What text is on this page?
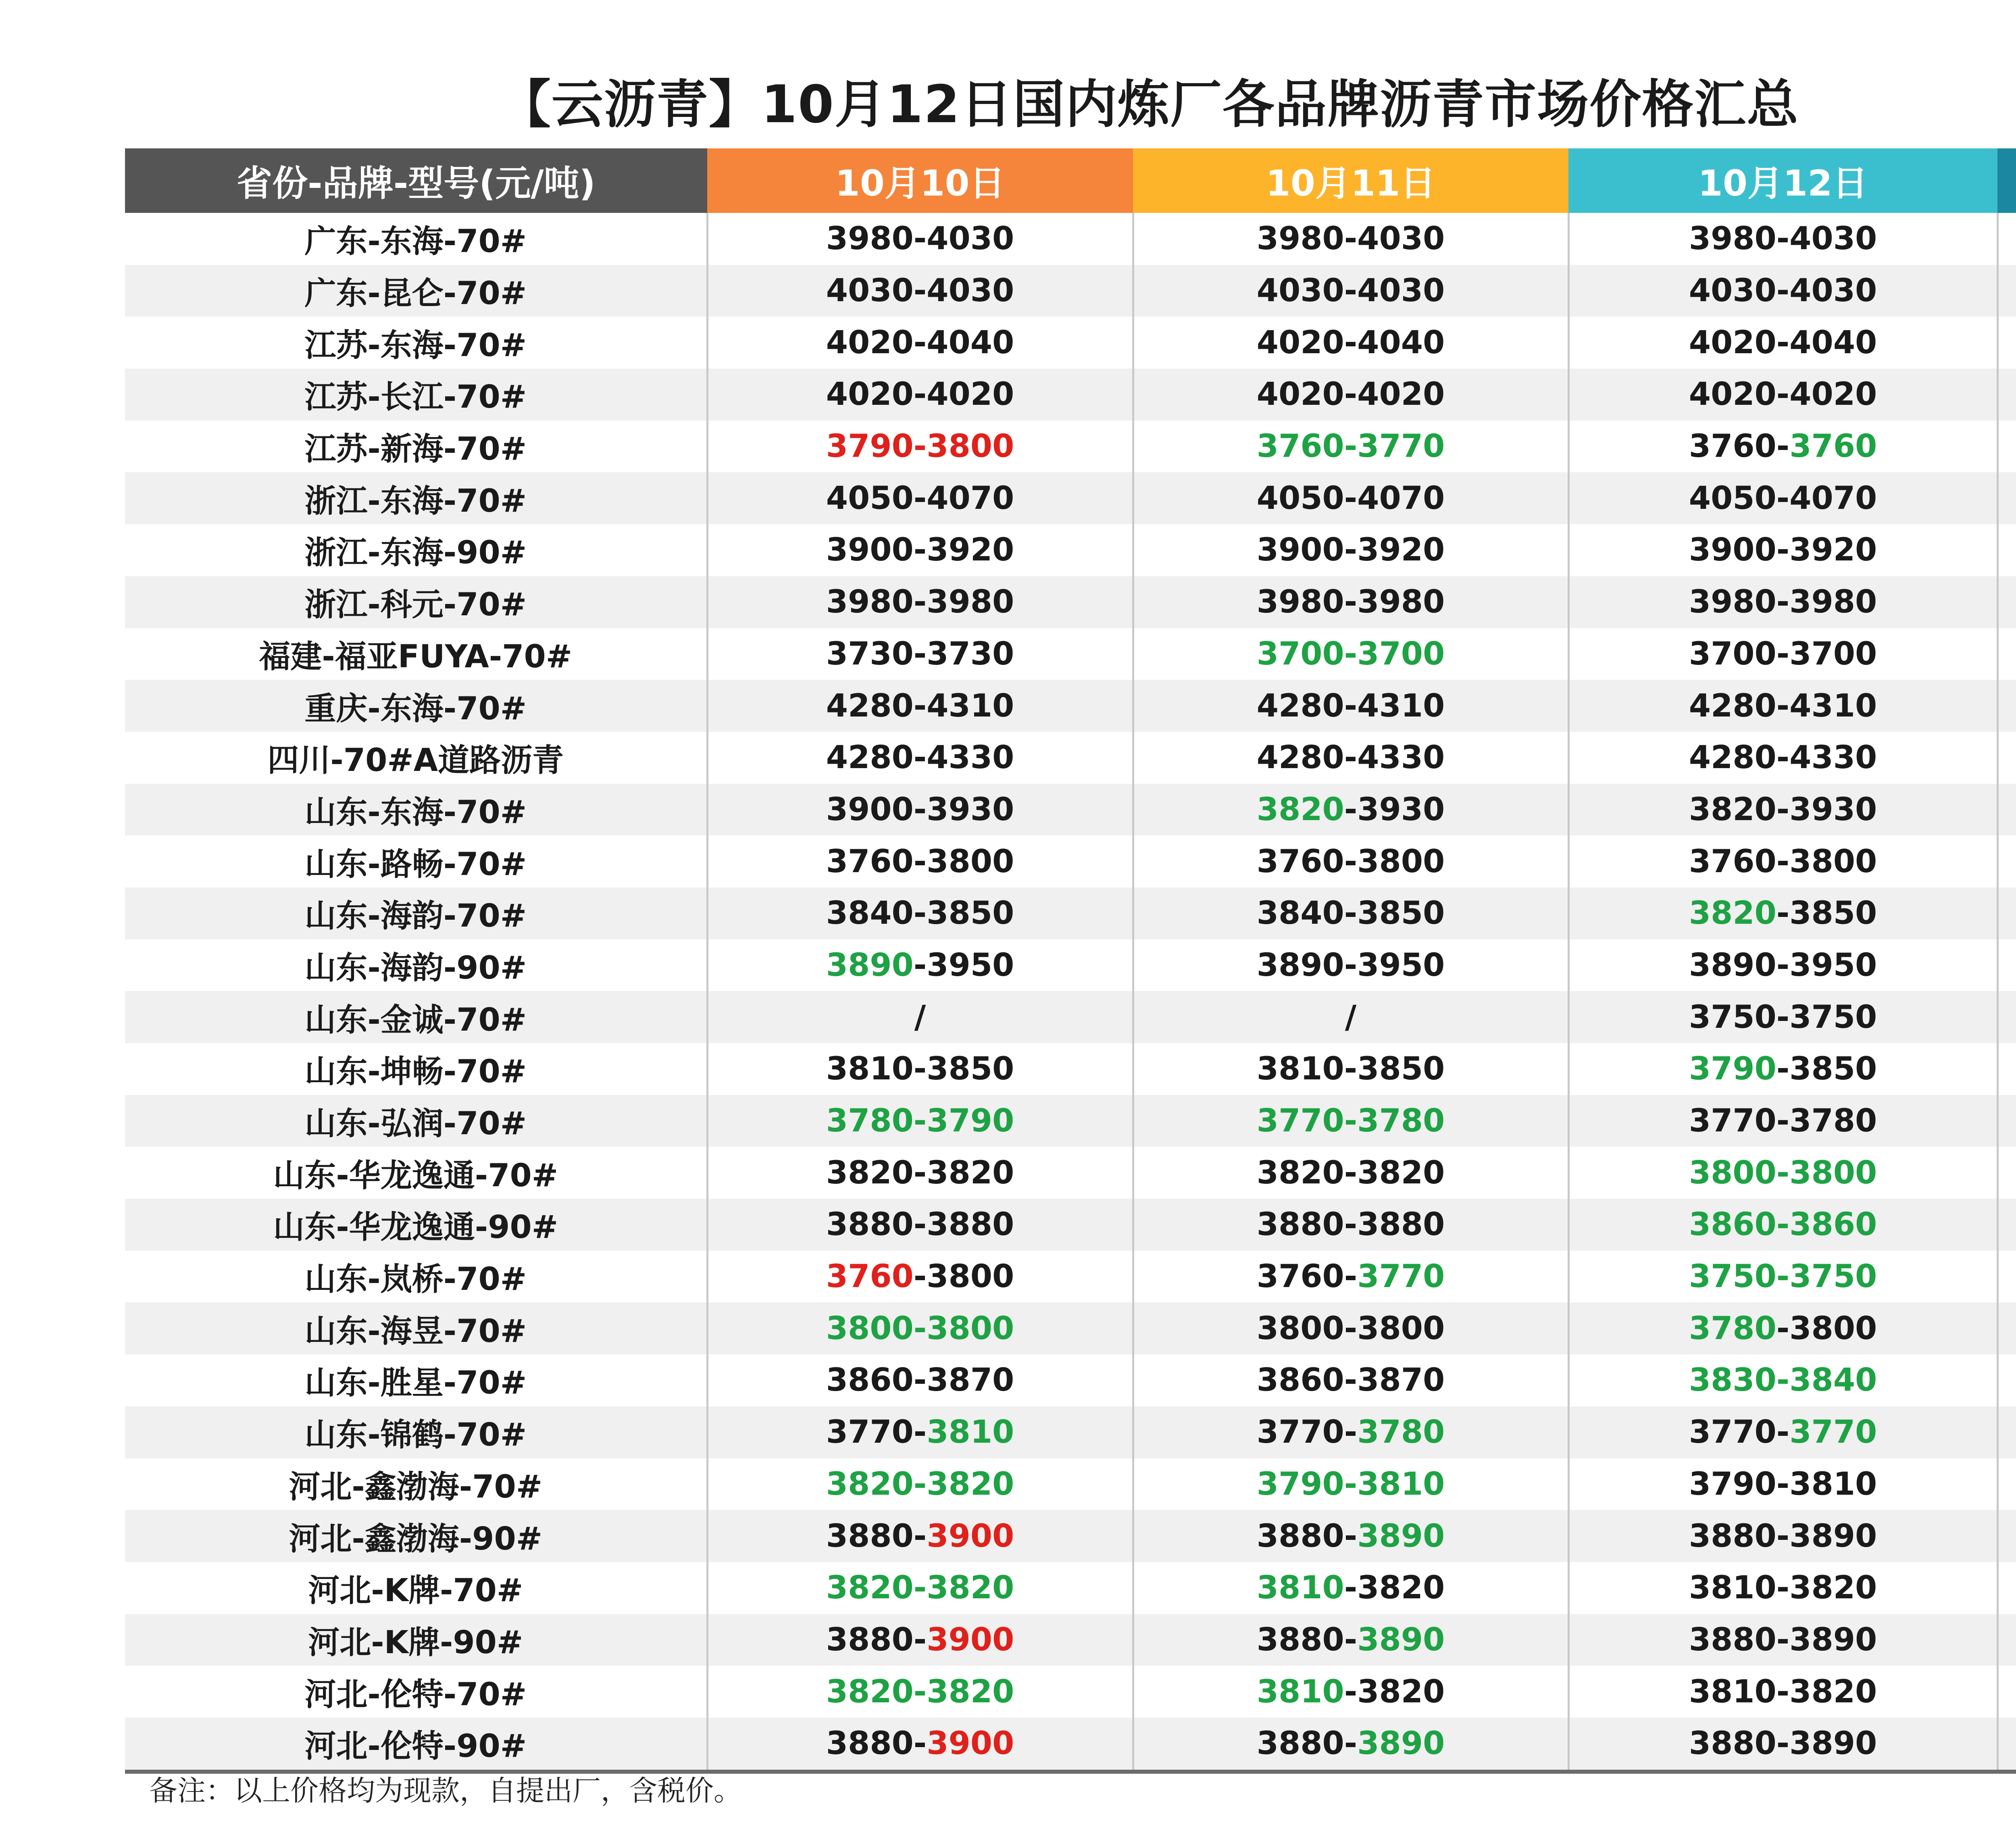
【云沥青】10月12日国内炼厂各品牌沥青市场价格汇总
省份-品牌-型号(元/吨)	10月10日	10月11日	10月12日	
广东-东海-70#	3980-4030	3980-4030	3980-4030	
广东-昆仑-70#	4030-4030	4030-4030	4030-4030	
江苏-东海-70#	4020-4040	4020-4040	4020-4040	
江苏-长江-70#	4020-4020	4020-4020	4020-4020	
江苏-新海-70#	3790-3800	3760-3770	3760-3760	
浙江-东海-70#	4050-4070	4050-4070	4050-4070	
浙江-东海-90#	3900-3920	3900-3920	3900-3920	
浙江-科元-70#	3980-3980	3980-3980	3980-3980	
福建-福亚FUYA-70#	3730-3730	3700-3700	3700-3700	
重庆-东海-70#	4280-4310	4280-4310	4280-4310	
四川-70#A道路沥青	4280-4330	4280-4330	4280-4330	
山东-东海-70#	3900-3930	3820-3930	3820-3930	
山东-路畅-70#	3760-3800	3760-3800	3760-3800	
山东-海韵-70#	3840-3850	3840-3850	3820-3850	
山东-海韵-90#	3890-3950	3890-3950	3890-3950	
山东-金诚-70#	/	/	3750-3750	
山东-坤畅-70#	3810-3850	3810-3850	3790-3850	
山东-弘润-70#	3780-3790	3770-3780	3770-3780	
山东-华龙逸通-70#	3820-3820	3820-3820	3800-3800	
山东-华龙逸通-90#	3880-3880	3880-3880	3860-3860	
山东-岚桥-70#	3760-3800	3760-3770	3750-3750	
山东-海昱-70#	3800-3800	3800-3800	3780-3800	
山东-胜星-70#	3860-3870	3860-3870	3830-3840	
山东-锦鹤-70#	3770-3810	3770-3780	3770-3770	
河北-鑫渤海-70#	3820-3820	3790-3810	3790-3810	
河北-鑫渤海-90#	3880-3900	3880-3890	3880-3890	
河北-K牌-70#	3820-3820	3810-3820	3810-3820	
河北-K牌-90#	3880-3900	3880-3890	3880-3890	
河北-伦特-70#	3820-3820	3810-3820	3810-3820	
河北-伦特-90#	3880-3900	3880-3890	3880-3890	
备注：以上价格均为现款，自提出厂，含税价。
